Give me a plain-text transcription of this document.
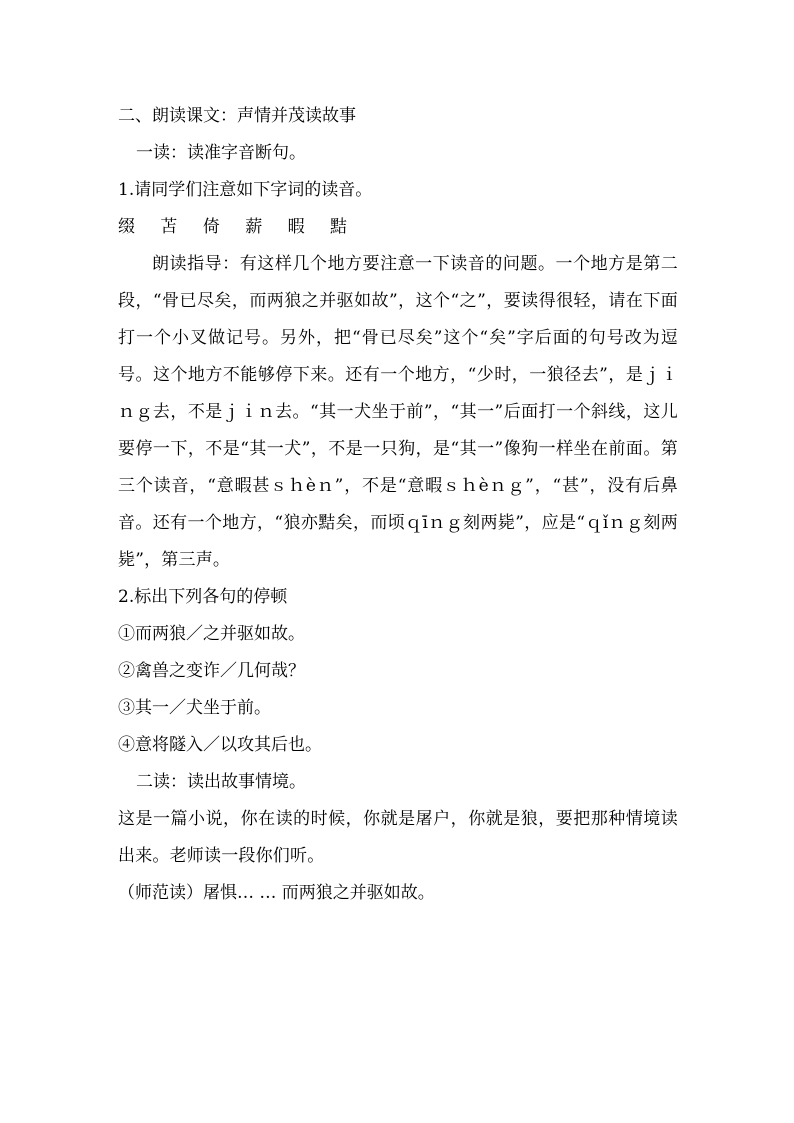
二、朗读课文：声情并茂读故事
一读：读准字音断句。
1.请同学们注意如下字词的读音。
缀 苫 倚 薪 暇 黠
朗读指导：有这样几个地方要注意一下读音的问题。一个地方是第二段，“骨已尽矣，而两狼之并驱如故”，这个“之”，要读得很轻，请在下面打一个小叉做记号。另外，把“骨已尽矣”这个“矣”字后面的句号改为逗号。这个地方不能够停下来。还有一个地方，“少时，一狼径去”，是ｊｉｎｇ去，不是ｊｉｎ去。“其一犬坐于前”，“其一”后面打一个斜线，这儿要停一下，不是“其一犬”，不是一只狗，是“其一”像狗一样坐在前面。第三个读音，“意暇甚ｓｈèｎ”，不是“意暇ｓｈèｎｇ”，“甚”，没有后鼻音。还有一个地方，“狼亦黠矣，而顷ｑīｎｇ刻两毙”，应是“ｑǐｎｇ刻两毙”，第三声。
2.标出下列各句的停顿
①而两狼／之并驱如故。
②禽兽之变诈／几何哉？
③其一／犬坐于前。
④意将隧入／以攻其后也。
二读：读出故事情境。
这是一篇小说，你在读的时候，你就是屠户，你就是狼，要把那种情境读出来。老师读一段你们听。
（师范读）屠惧… … 而两狼之并驱如故。
